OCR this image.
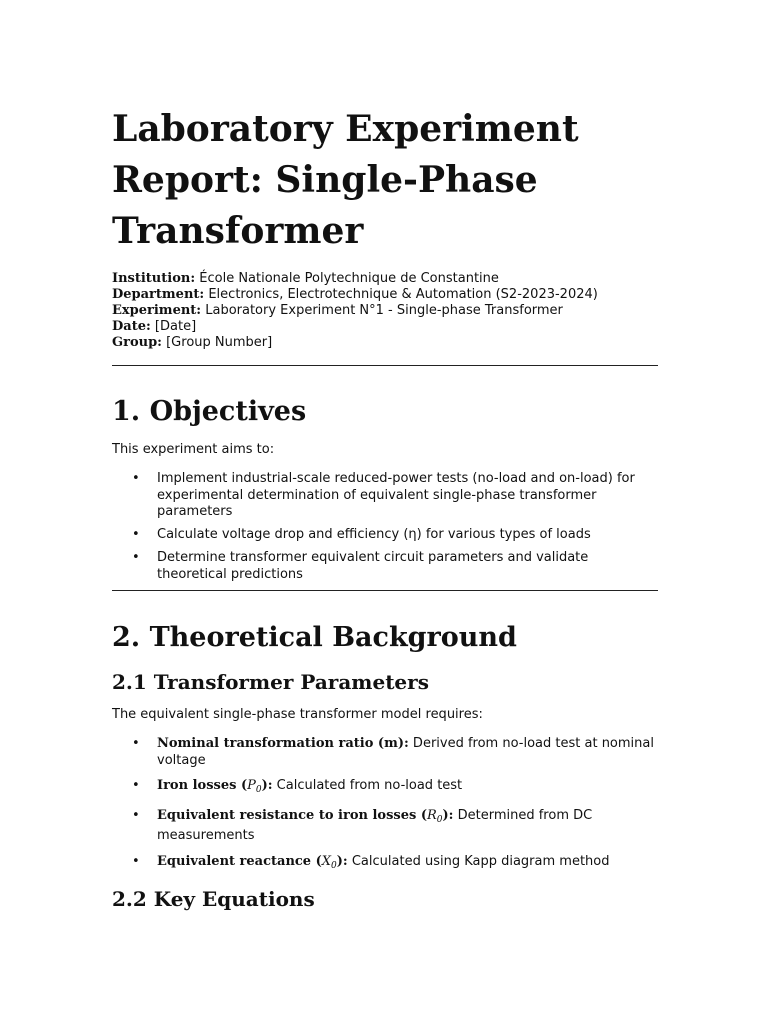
Laboratory Experiment Report: Single-Phase Transformer
Institution: École Nationale Polytechnique de Constantine
Department: Electronics, Electrotechnique & Automation (S2-2023-2024)
Experiment: Laboratory Experiment N°1 - Single-phase Transformer
Date: [Date]
Group: [Group Number]
1. Objectives

This experiment aims to:

• Implement industrial-scale reduced-power tests (no-load and on-load) for experimental determination of equivalent single-phase transformer parameters
• Calculate voltage drop and efficiency (η) for various types of loads
• Determine transformer equivalent circuit parameters and validate theoretical predictions
2. Theoretical Background
2.1 Transformer Parameters

The equivalent single-phase transformer model requires:

• Nominal transformation ratio (m): Derived from no-load test at nominal voltage
• Iron losses $(P_0)$: Calculated from no-load test
• Equivalent resistance to iron losses $(R_0)$: Determined from DC measurements
• Equivalent reactance $(X_0)$: Calculated using Kapp diagram method
2.2 Key Equations
